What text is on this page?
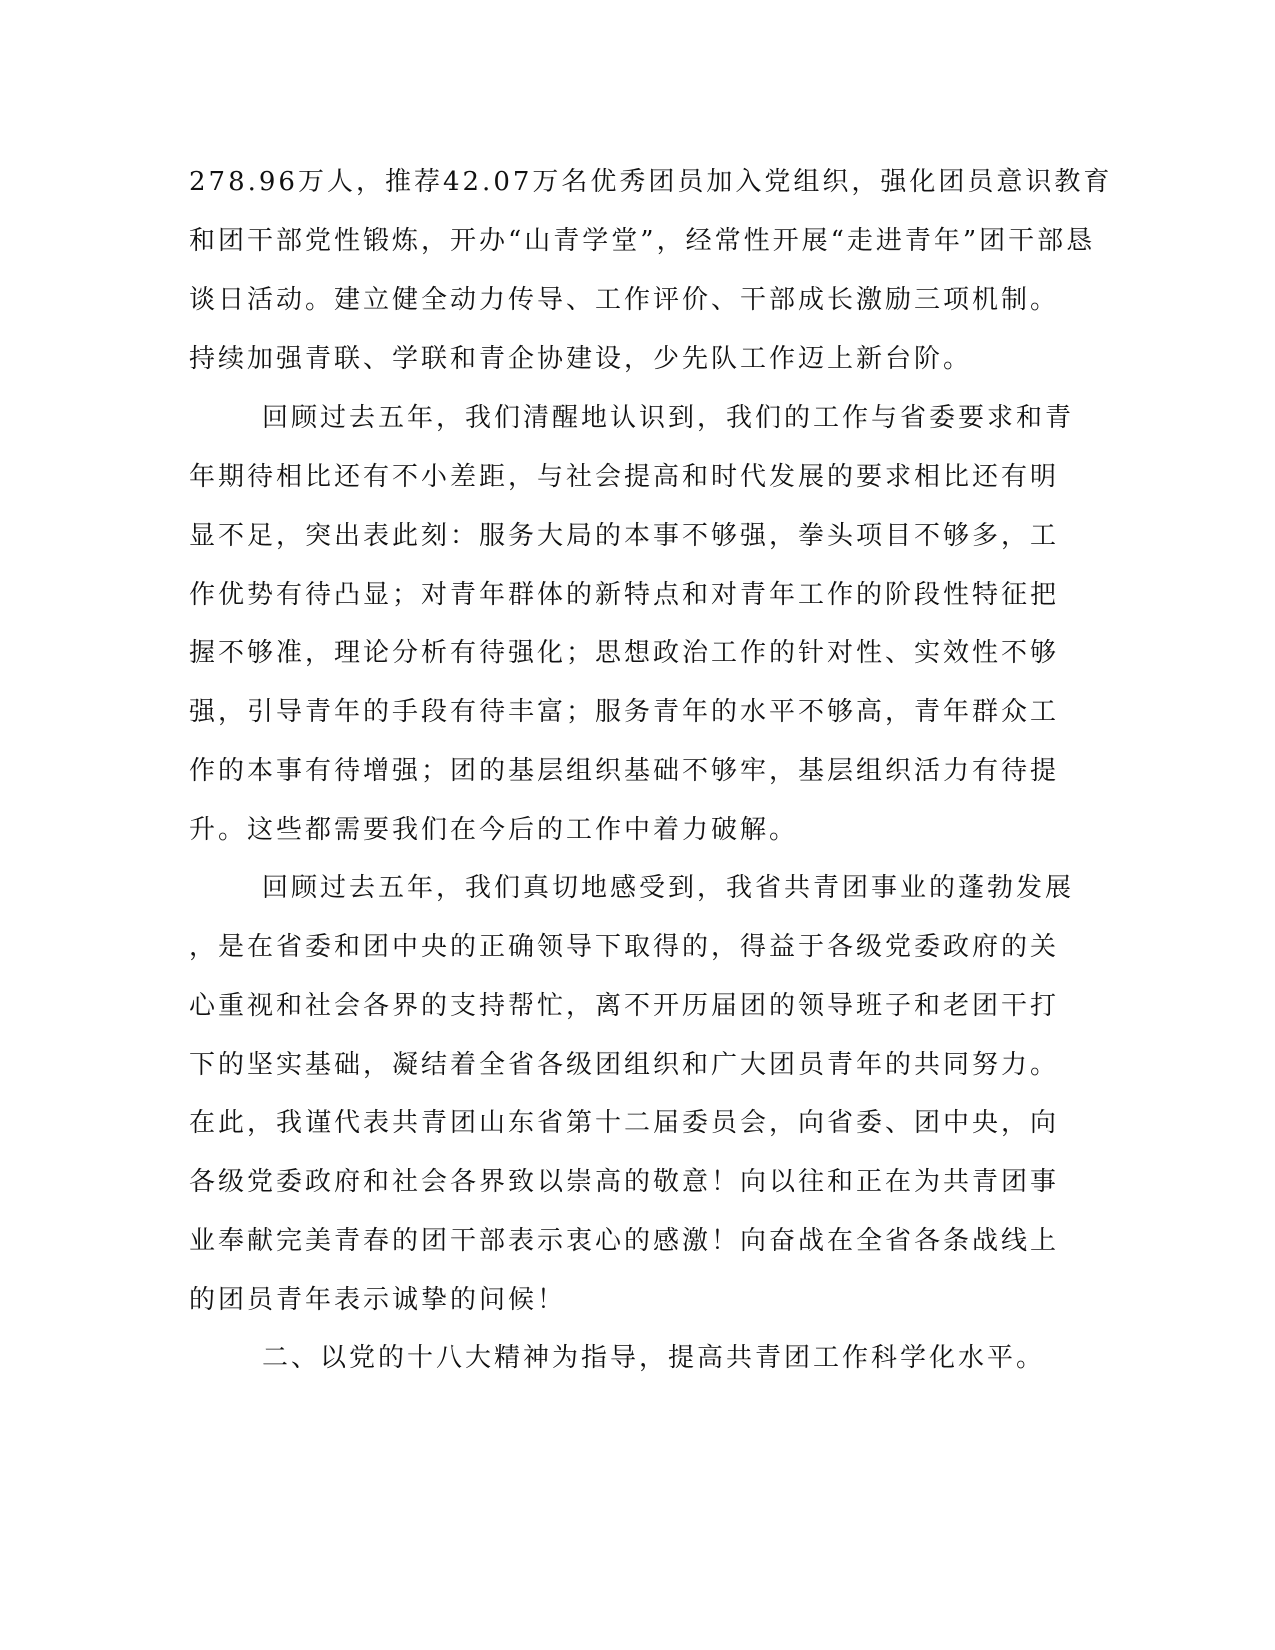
278.96万人，推荐42.07万名优秀团员加入党组织，强化团员意识教育
和团干部党性锻炼，开办“山青学堂”，经常性开展“走进青年”团干部恳
谈日活动。建立健全动力传导、工作评价、干部成长激励三项机制。
持续加强青联、学联和青企协建设，少先队工作迈上新台阶。
回顾过去五年，我们清醒地认识到，我们的工作与省委要求和青
年期待相比还有不小差距，与社会提高和时代发展的要求相比还有明
显不足，突出表此刻：服务大局的本事不够强，拳头项目不够多，工
作优势有待凸显；对青年群体的新特点和对青年工作的阶段性特征把
握不够准，理论分析有待强化；思想政治工作的针对性、实效性不够
强，引导青年的手段有待丰富；服务青年的水平不够高，青年群众工
作的本事有待增强；团的基层组织基础不够牢，基层组织活力有待提
升。这些都需要我们在今后的工作中着力破解。
回顾过去五年，我们真切地感受到，我省共青团事业的蓬勃发展
，是在省委和团中央的正确领导下取得的，得益于各级党委政府的关
心重视和社会各界的支持帮忙，离不开历届团的领导班子和老团干打
下的坚实基础，凝结着全省各级团组织和广大团员青年的共同努力。
在此，我谨代表共青团山东省第十二届委员会，向省委、团中央，向
各级党委政府和社会各界致以崇高的敬意！向以往和正在为共青团事
业奉献完美青春的团干部表示衷心的感激！向奋战在全省各条战线上
的团员青年表示诚挚的问候！
二、以党的十八大精神为指导，提高共青团工作科学化水平。
